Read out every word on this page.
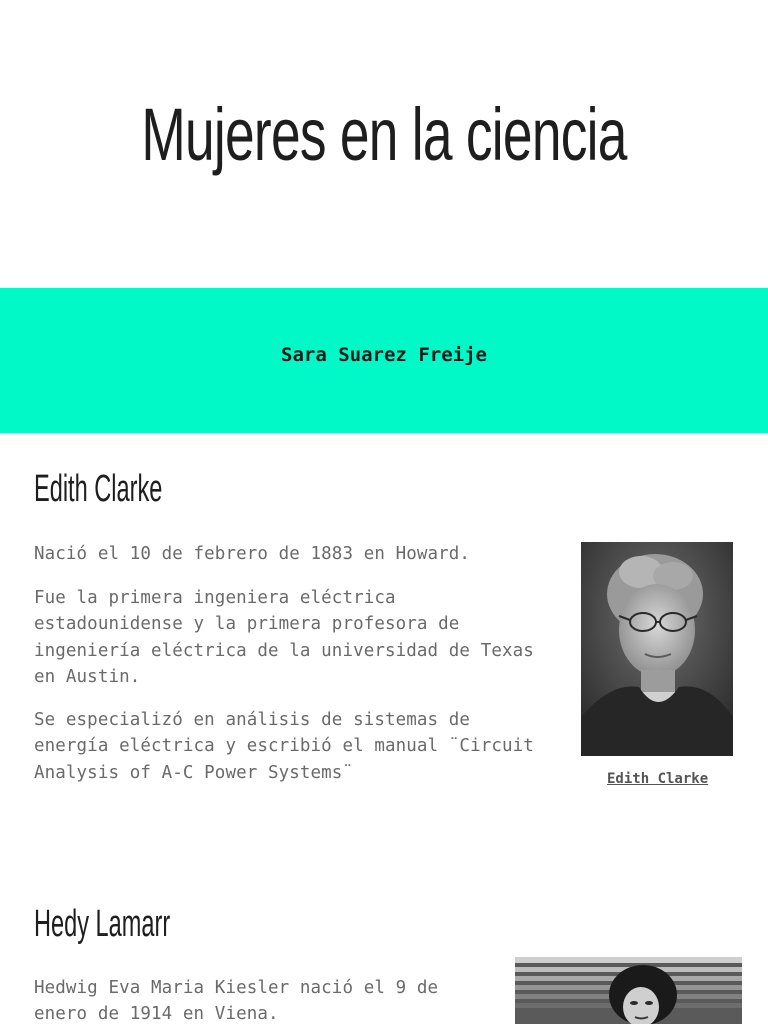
Mujeres en la ciencia
Sara Suarez Freije
Edith Clarke

Nació el 10 de febrero de 1883 en Howard.

Fue la primera ingeniera eléctrica estadounidense y la primera profesora de ingeniería eléctrica de la universidad de Texas en Austin.

Se especializó en análisis de sistemas de energía eléctrica y escribió el manual ¨Circuit Analysis of A-C Power Systems¨	Edith Clarke
Hedy Lamarr

Hedwig Eva Maria Kiesler nació el 9 de enero de 1914 en Viena.
